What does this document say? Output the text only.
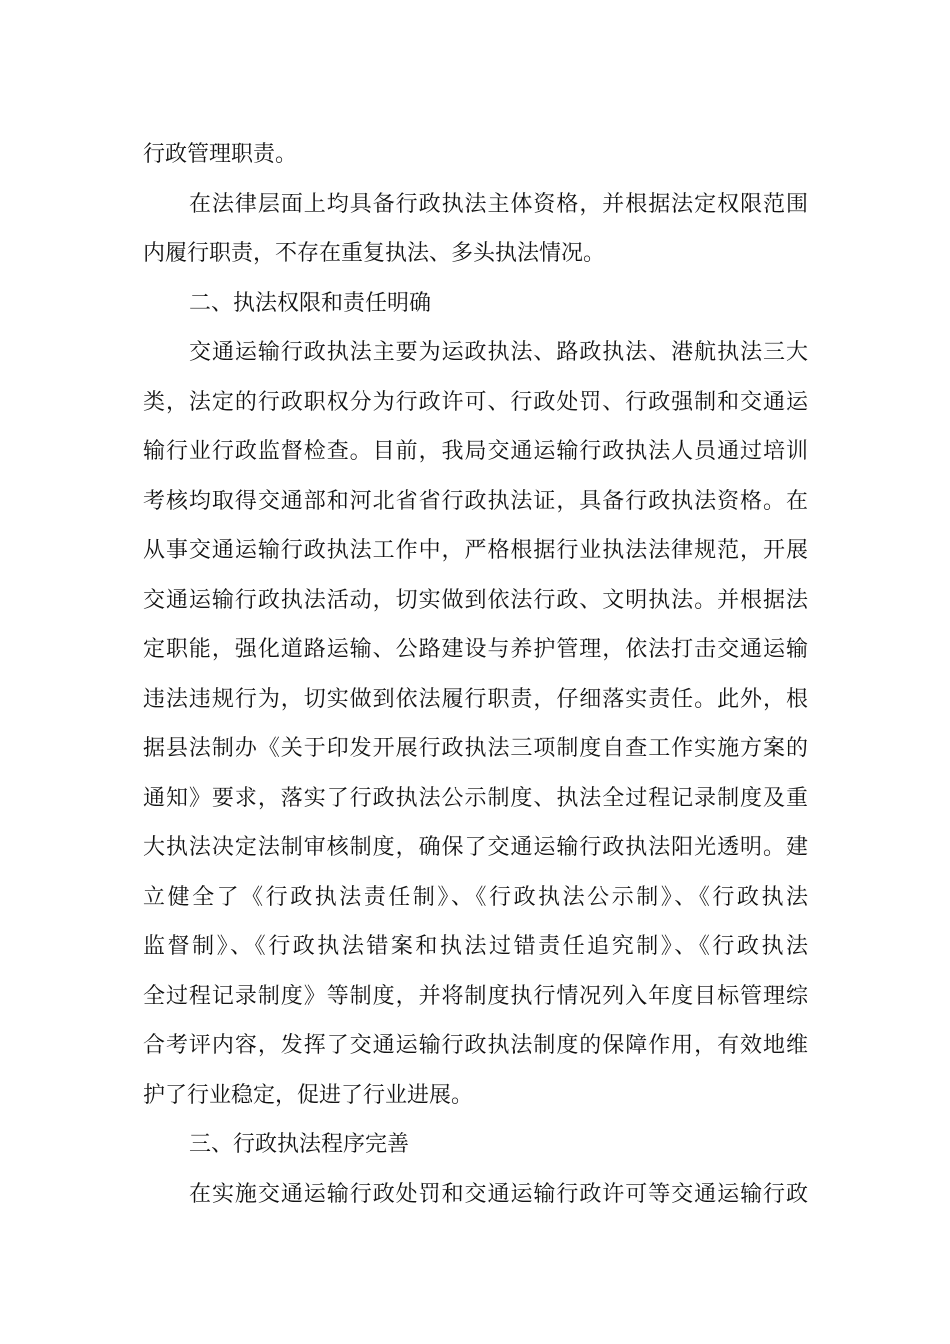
行政管理职责。
在法律层面上均具备行政执法主体资格，并根据法定权限范围
内履行职责，不存在重复执法、多头执法情况。
二、执法权限和责任明确
交通运输行政执法主要为运政执法、路政执法、港航执法三大
类，法定的行政职权分为行政许可、行政处罚、行政强制和交通运
输行业行政监督检查。目前，我局交通运输行政执法人员通过培训
考核均取得交通部和河北省省行政执法证，具备行政执法资格。在
从事交通运输行政执法工作中，严格根据行业执法法律规范，开展
交通运输行政执法活动，切实做到依法行政、文明执法。并根据法
定职能，强化道路运输、公路建设与养护管理，依法打击交通运输
违法违规行为，切实做到依法履行职责，仔细落实责任。此外，根
据县法制办《关于印发开展行政执法三项制度自查工作实施方案的
通知》要求，落实了行政执法公示制度、执法全过程记录制度及重
大执法决定法制审核制度，确保了交通运输行政执法阳光透明。建
立健全了《行政执法责任制》、《行政执法公示制》、《行政执法
监督制》、《行政执法错案和执法过错责任追究制》、《行政执法
全过程记录制度》等制度，并将制度执行情况列入年度目标管理综
合考评内容，发挥了交通运输行政执法制度的保障作用，有效地维
护了行业稳定，促进了行业进展。
三、行政执法程序完善
在实施交通运输行政处罚和交通运输行政许可等交通运输行政
